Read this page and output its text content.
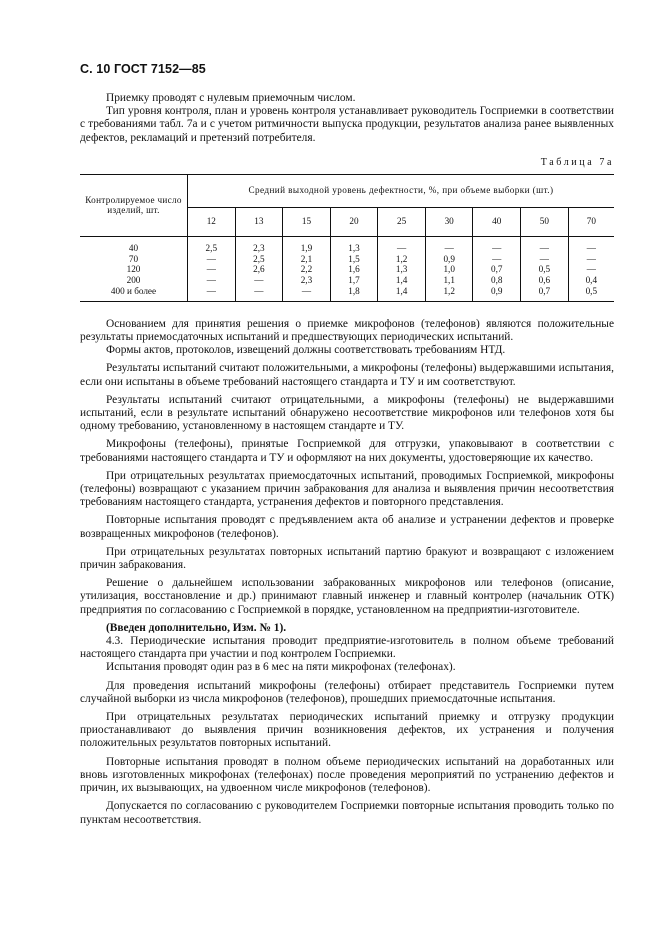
С. 10 ГОСТ 7152—85

Приемку проводят с нулевым приемочным числом.

Тип уровня контроля, план и уровень контроля устанавливает руководитель Госприемки в соответствии с требованиями табл. 7а и с учетом ритмичности выпуска продукции, результатов анализа ранее выявленных дефектов, рекламаций и претензий потребителя.

Таблица 7а
Контролируемое число изделий, шт.	Средний выходной уровень дефектности, %, при объеме выборки (шт.)								
	12	13	15	20	25	30	40	50	70
40	2,5	2,3	1,9	1,3	—	—	—	—	—
70	—	2,5	2,1	1,5	1,2	0,9	—	—	—
120	—	2,6	2,2	1,6	1,3	1,0	0,7	0,5	—
200	—	—	2,3	1,7	1,4	1,1	0,8	0,6	0,4
400 и более	—	—	—	1,8	1,4	1,2	0,9	0,7	0,5

Основанием для принятия решения о приемке микрофонов (телефонов) являются положительные результаты приемосдаточных испытаний и предшествующих периодических испытаний.

Формы актов, протоколов, извещений должны соответствовать требованиям НТД.

Результаты испытаний считают положительными, а микрофоны (телефоны) выдержавшими испытания, если они испытаны в объеме требований настоящего стандарта и ТУ и им соответствуют.

Результаты испытаний считают отрицательными, а микрофоны (телефоны) не выдержавшими испытаний, если в результате испытаний обнаружено несоответствие микрофонов или телефонов хотя бы одному требованию, установленному в настоящем стандарте и ТУ.

Микрофоны (телефоны), принятые Госприемкой для отгрузки, упаковывают в соответствии с требованиями настоящего стандарта и ТУ и оформляют на них документы, удостоверяющие их качество.

При отрицательных результатах приемосдаточных испытаний, проводимых Госприемкой, микрофоны (телефоны) возвращают с указанием причин забракования для анализа и выявления причин несоответствия требованиям настоящего стандарта, устранения дефектов и повторного представления.

Повторные испытания проводят с предъявлением акта об анализе и устранении дефектов и проверке возвращенных микрофонов (телефонов).

При отрицательных результатах повторных испытаний партию бракуют и возвращают с изложением причин забракования.

Решение о дальнейшем использовании забракованных микрофонов или телефонов (описание, утилизация, восстановление и др.) принимают главный инженер и главный контролер (начальник ОТК) предприятия по согласованию с Госприемкой в порядке, установленном на предприятии-изготовителе.

(Введен дополнительно, Изм. № 1).

4.3. Периодические испытания проводит предприятие-изготовитель в полном объеме требований настоящего стандарта при участии и под контролем Госприемки.

Испытания проводят один раз в 6 мес на пяти микрофонах (телефонах).

Для проведения испытаний микрофоны (телефоны) отбирает представитель Госприемки путем случайной выборки из числа микрофонов (телефонов), прошедших приемосдаточные испытания.

При отрицательных результатах периодических испытаний приемку и отгрузку продукции приостанавливают до выявления причин возникновения дефектов, их устранения и получения положительных результатов повторных испытаний.

Повторные испытания проводят в полном объеме периодических испытаний на доработанных или вновь изготовленных микрофонах (телефонах) после проведения мероприятий по устранению дефектов и причин, их вызывающих, на удвоенном числе микрофонов (телефонов).

Допускается по согласованию с руководителем Госприемки повторные испытания проводить только по пунктам несоответствия.
